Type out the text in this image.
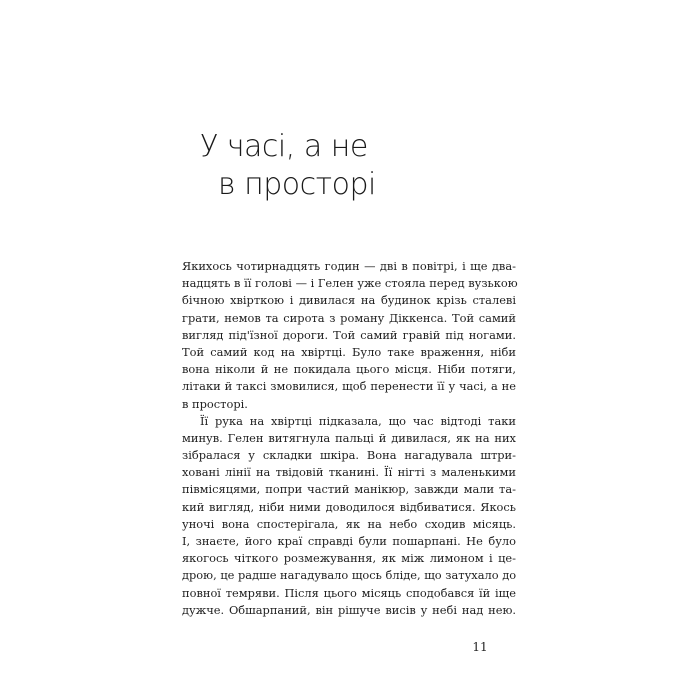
У часі, а не
в просторі
Якихось чотирнадцять годин — дві в повітрі, і ще два-
надцять в її голові — і Гелен уже стояла перед вузькою
бічною хвірткою і дивилася на будинок крізь сталеві
грати, немов та сирота з роману Діккенса. Той самий
вигляд під'їзної дороги. Той самий гравій під ногами.
Той самий код на хвіртці. Було таке враження, ніби
вона ніколи й не покидала цього місця. Ніби потяги,
літаки й таксі змовилися, щоб перенести її у часі, а не
в просторі.
Її рука на хвіртці підказала, що час відтоді таки
минув. Гелен витягнула пальці й дивилася, як на них
зібралася у складки шкіра. Вона нагадувала штри-
ховані лінії на твідовій тканині. Її нігті з маленькими
півмісяцями, попри частий манікюр, завжди мали та-
кий вигляд, ніби ними доводилося відбиватися. Якось
уночі вона спостерігала, як на небо сходив місяць.
І, знаєте, його краї справді були пошарпані. Не було
якогось чіткого розмежування, як між лимоном і це-
дрою, це радше нагадувало щось бліде, що затухало до
повної темряви. Після цього місяць сподобався їй іще
дужче. Обшарпаний, він рішуче висів у небі над нею.
11
